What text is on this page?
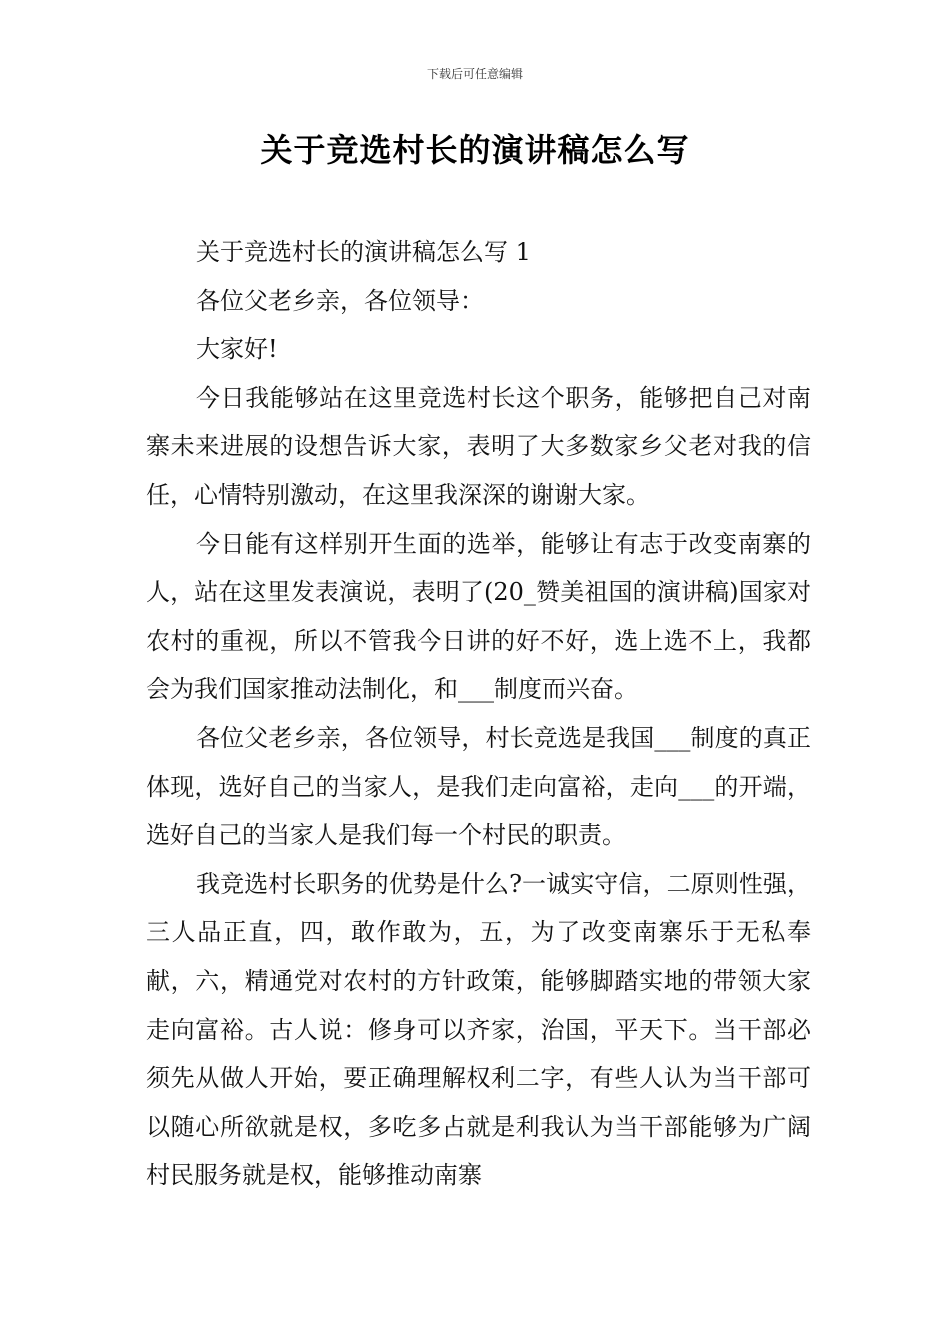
下载后可任意编辑
关于竞选村长的演讲稿怎么写

关于竞选村长的演讲稿怎么写 1

各位父老乡亲，各位领导：

大家好!

今日我能够站在这里竞选村长这个职务，能够把自己对南寨未来进展的设想告诉大家，表明了大多数家乡父老对我的信任，心情特别激动，在这里我深深的谢谢大家。

今日能有这样别开生面的选举，能够让有志于改变南寨的人，站在这里发表演说，表明了(20_赞美祖国的演讲稿)国家对农村的重视，所以不管我今日讲的好不好，选上选不上，我都会为我们国家推动法制化，和___制度而兴奋。

各位父老乡亲，各位领导，村长竞选是我国___制度的真正体现，选好自己的当家人，是我们走向富裕，走向___的开端，选好自己的当家人是我们每一个村民的职责。

我竞选村长职务的优势是什么?一诚实守信，二原则性强，三人品正直，四，敢作敢为，五，为了改变南寨乐于无私奉献，六，精通党对农村的方针政策，能够脚踏实地的带领大家走向富裕。古人说：修身可以齐家，治国，平天下。当干部必须先从做人开始，要正确理解权利二字，有些人认为当干部可以随心所欲就是权，多吃多占就是利我认为当干部能够为广阔村民服务就是权，能够推动南寨
